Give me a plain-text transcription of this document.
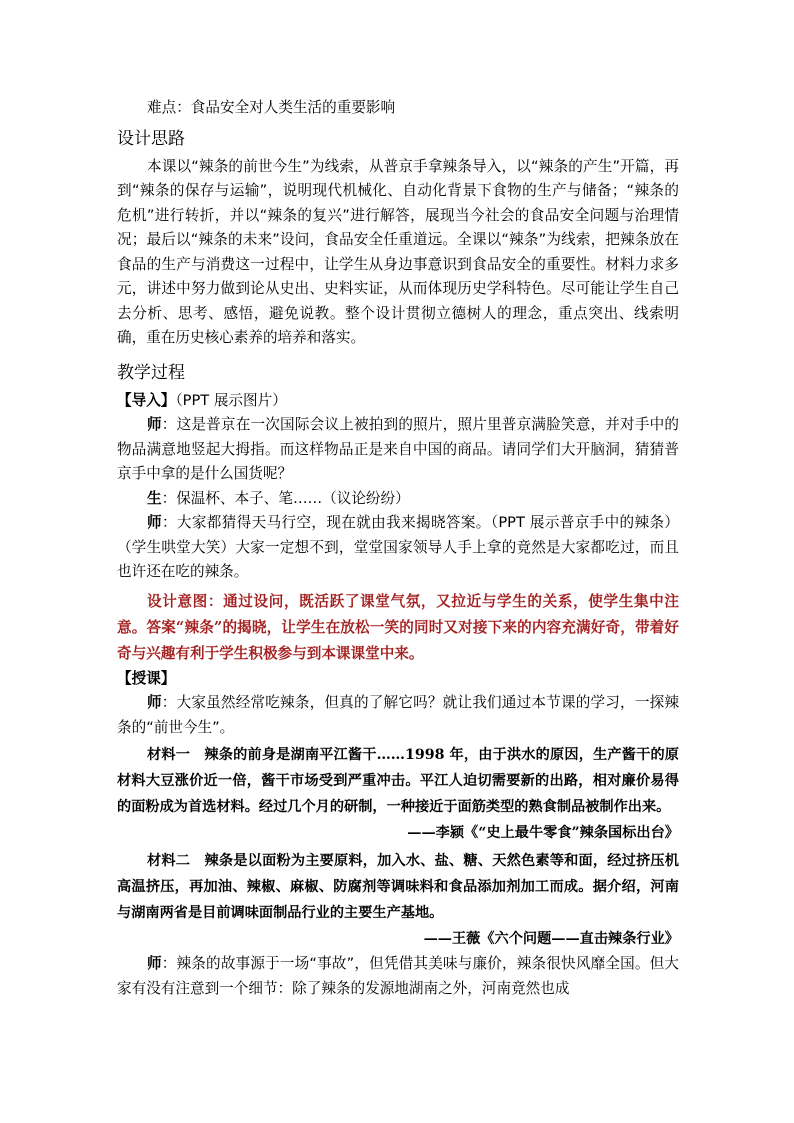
难点：食品安全对人类生活的重要影响

设计思路

本课以“辣条的前世今生”为线索，从普京手拿辣条导入，以“辣条的产生”开篇，再到“辣条的保存与运输”，说明现代机械化、自动化背景下食物的生产与储备；“辣条的危机”进行转折，并以“辣条的复兴”进行解答，展现当今社会的食品安全问题与治理情况；最后以“辣条的未来”设问，食品安全任重道远。全课以“辣条”为线索，把辣条放在食品的生产与消费这一过程中，让学生从身边事意识到食品安全的重要性。材料力求多元，讲述中努力做到论从史出、史料实证，从而体现历史学科特色。尽可能让学生自己去分析、思考、感悟，避免说教。整个设计贯彻立德树人的理念，重点突出、线索明确，重在历史核心素养的培养和落实。

教学过程

【导入】（PPT 展示图片）

师：这是普京在一次国际会议上被拍到的照片，照片里普京满脸笑意，并对手中的物品满意地竖起大拇指。而这样物品正是来自中国的商品。请同学们大开脑洞，猜猜普京手中拿的是什么国货呢？

生：保温杯、本子、笔……（议论纷纷）

师：大家都猜得天马行空，现在就由我来揭晓答案。（PPT 展示普京手中的辣条）（学生哄堂大笑）大家一定想不到，堂堂国家领导人手上拿的竟然是大家都吃过，而且也许还在吃的辣条。

设计意图：通过设问，既活跃了课堂气氛，又拉近与学生的关系，使学生集中注意。答案“辣条”的揭晓，让学生在放松一笑的同时又对接下来的内容充满好奇，带着好奇与兴趣有利于学生积极参与到本课课堂中来。

【授课】

师：大家虽然经常吃辣条，但真的了解它吗？就让我们通过本节课的学习，一探辣条的“前世今生”。

材料一　辣条的前身是湖南平江酱干……1998 年，由于洪水的原因，生产酱干的原材料大豆涨价近一倍，酱干市场受到严重冲击。平江人迫切需要新的出路，相对廉价易得的面粉成为首选材料。经过几个月的研制，一种接近于面筋类型的熟食制品被制作出来。

——李颍《“史上最牛零食”辣条国标出台》

材料二　辣条是以面粉为主要原料，加入水、盐、糖、天然色素等和面，经过挤压机高温挤压，再加油、辣椒、麻椒、防腐剂等调味料和食品添加剂加工而成。据介绍，河南与湖南两省是目前调味面制品行业的主要生产基地。

——王薇《六个问题——直击辣条行业》

师：辣条的故事源于一场“事故”，但凭借其美味与廉价，辣条很快风靡全国。但大家有没有注意到一个细节：除了辣条的发源地湖南之外，河南竟然也成
